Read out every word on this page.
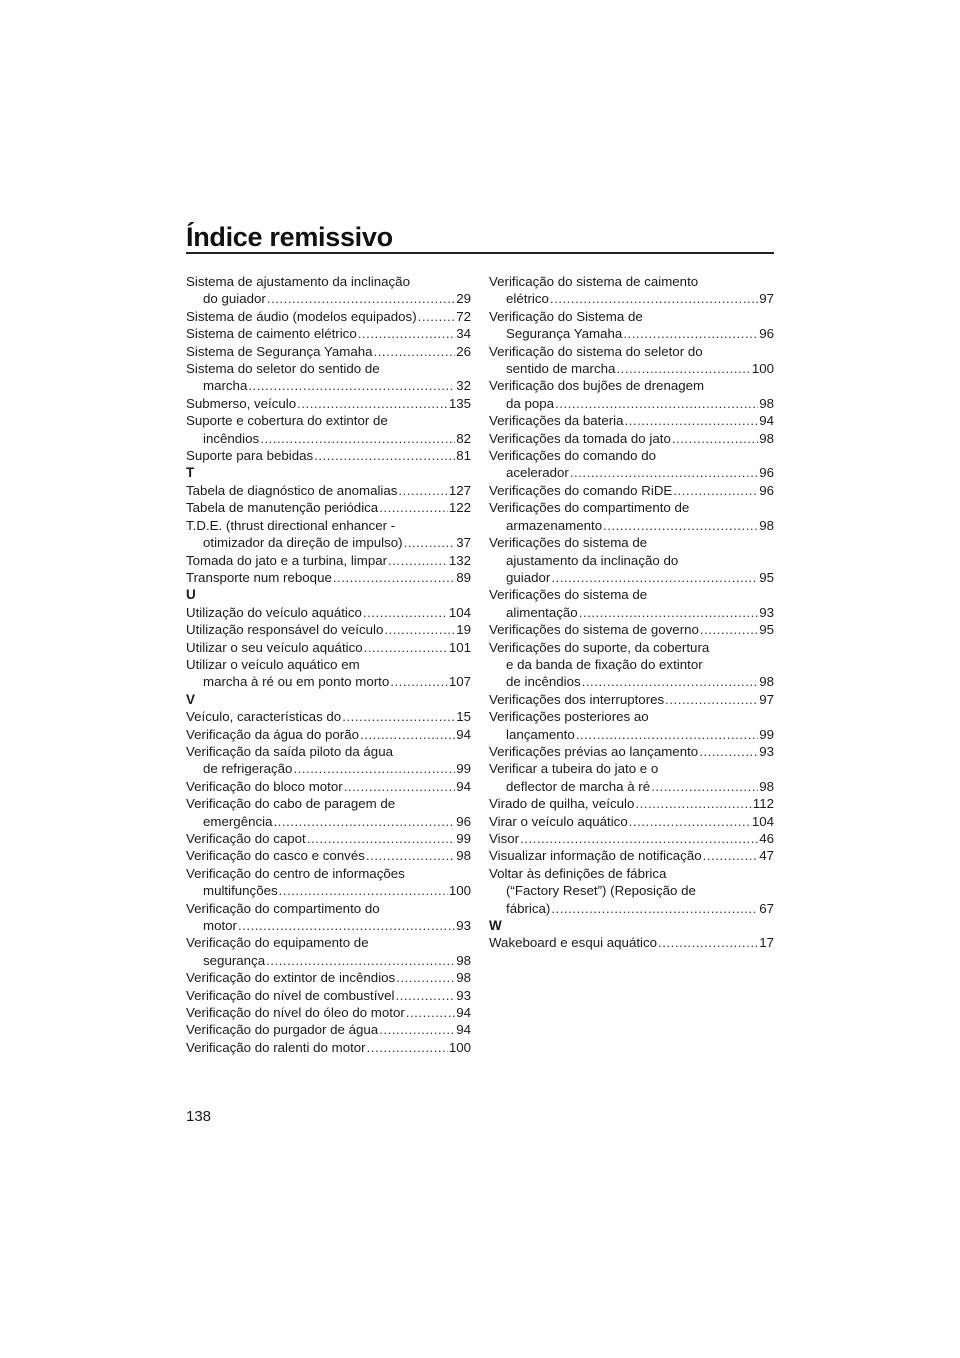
Índice remissivo
Sistema de ajustamento da inclinação
do guiador .....	29
Sistema de áudio (modelos equipados) .....	72
Sistema de caimento elétrico .....	34
Sistema de Segurança Yamaha .....	26
Sistema do seletor do sentido de
marcha .....	32
Submerso, veículo .....	135
Suporte e cobertura do extintor de
incêndios .....	82
Suporte para bebidas .....	81
T
Tabela de diagnóstico de anomalias .....	127
Tabela de manutenção periódica .....	122
T.D.E. (thrust directional enhancer -
otimizador da direção de impulso) .....	37
Tomada do jato e a turbina, limpar .....	132
Transporte num reboque .....	89
U
Utilização do veículo aquático .....	104
Utilização responsável do veículo .....	19
Utilizar o seu veículo aquático .....	101
Utilizar o veículo aquático em
marcha à ré ou em ponto morto .....	107
V
Veículo, características do .....	15
Verificação da água do porão .....	94
Verificação da saída piloto da água
de refrigeração .....	99
Verificação do bloco motor .....	94
Verificação do cabo de paragem de
emergência .....	96
Verificação do capot .....	99
Verificação do casco e convés .....	98
Verificação do centro de informações
multifunções .....	100
Verificação do compartimento do
motor .....	93
Verificação do equipamento de
segurança .....	98
Verificação do extintor de incêndios .....	98
Verificação do nível de combustível .....	93
Verificação do nível do óleo do motor .....	94
Verificação do purgador de água .....	94
Verificação do ralenti do motor .....	100
Verificação do sistema de caimento
elétrico .....	97
Verificação do Sistema de
Segurança Yamaha .....	96
Verificação do sistema do seletor do
sentido de marcha .....	100
Verificação dos bujões de drenagem
da popa .....	98
Verificações da bateria .....	94
Verificações da tomada do jato .....	98
Verificações do comando do
acelerador .....	96
Verificações do comando RiDE .....	96
Verificações do compartimento de
armazenamento .....	98
Verificações do sistema de
ajustamento da inclinação do
guiador .....	95
Verificações do sistema de
alimentação .....	93
Verificações do sistema de governo .....	95
Verificações do suporte, da cobertura
e da banda de fixação do extintor
de incêndios .....	98
Verificações dos interruptores .....	97
Verificações posteriores ao
lançamento .....	99
Verificações prévias ao lançamento .....	93
Verificar a tubeira do jato e o
deflector de marcha à ré .....	98
Virado de quilha, veículo .....	112
Virar o veículo aquático .....	104
Visor .....	46
Visualizar informação de notificação .....	47
Voltar às definições de fábrica
(“Factory Reset”) (Reposição de
fábrica) .....	67
W
Wakeboard e esqui aquático .....	17
138
